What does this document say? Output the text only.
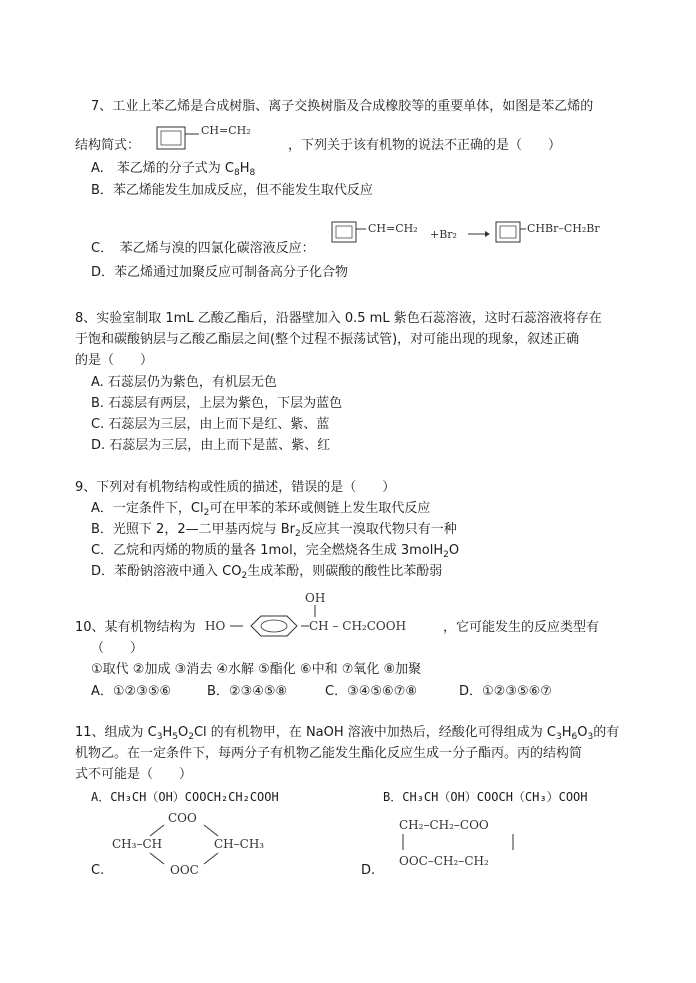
7、工业上苯乙烯是合成树脂、离子交换树脂及合成橡胶等的重要单体，如图是苯乙烯的
结构简式：
CH=CH₂
，下列关于该有机物的说法不正确的是（　　）
A.　苯乙烯的分子式为 $C_8H_8$
B．苯乙烯能发生加成反应，但不能发生取代反应
C．　苯乙烯与溴的四氯化碳溶液反应：
CH=CH₂ +Br₂	CHBr–CH₂Br
D．苯乙烯通过加聚反应可制备高分子化合物
8、实验室制取 1mL 乙酸乙酯后，沿器壁加入 0.5 mL 紫色石蕊溶液，这时石蕊溶液将存在
于饱和碳酸钠层与乙酸乙酯层之间(整个过程不振荡试管)，对可能出现的现象，叙述正确
的是（　　）
A. 石蕊层仍为紫色，有机层无色
B. 石蕊层有两层，上层为紫色，下层为蓝色
C. 石蕊层为三层，由上而下是红、紫、蓝
D. 石蕊层为三层，由上而下是蓝、紫、红
9、下列对有机物结构或性质的描述，错误的是（　　）
A．一定条件下，$Cl_2$可在甲苯的苯环或侧链上发生取代反应
B．光照下 2，2—二甲基丙烷与 $Br_2$反应其一溴取代物只有一种
C．乙烷和丙烯的物质的量各 1mol，完全燃烧各生成 3molH$_2$O
D．苯酚钠溶液中通入 $CO_2$生成苯酚，则碳酸的酸性比苯酚弱
10、某有机物结构为 HO
OH
CH – CH₂COOH	，它可能发生的反应类型有
（　　）
①取代 ②加成 ③消去 ④水解 ⑤酯化 ⑥中和 ⑦氧化 ⑧加聚
A．①②③⑤⑥	B．②③④⑤⑧	C．③④⑤⑥⑦⑧	D．①②③⑤⑥⑦
11、组成为 $C_3H_5O_2Cl$ 的有机物甲，在 NaOH 溶液中加热后，经酸化可得组成为 $C_3H_6O_3$的有
机物乙。在一定条件下，每两分子有机物乙能发生酯化反应生成一分子酯丙。丙的结构简
式不可能是（　　）
A．CH₃CH（OH）COOCH₂CH₂COOH	B．CH₃CH（OH）COOCH（CH₃）COOH
COO
CH₃–CH	CH–CH₃
OOC
C.
CH₂–CH₂–COO
OOC–CH₂–CH₂
D.
